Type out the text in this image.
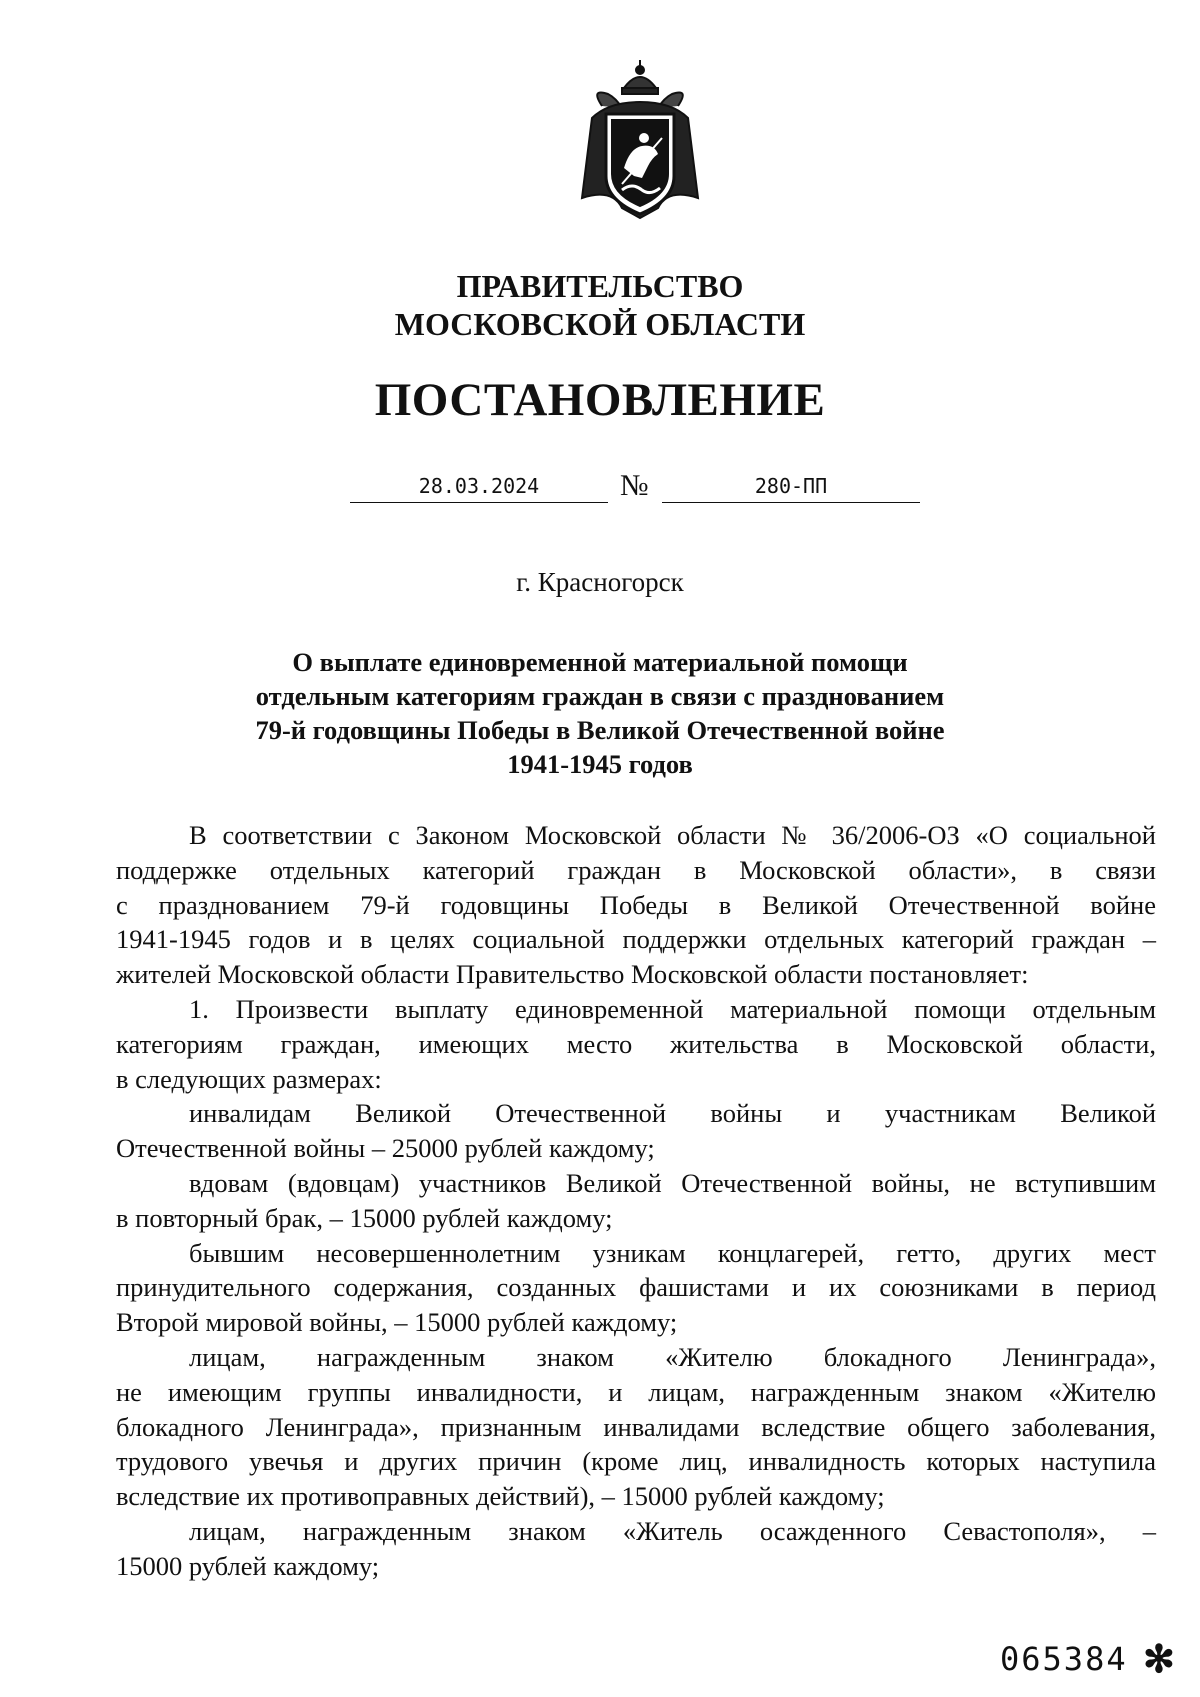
ПРАВИТЕЛЬСТВО
МОСКОВСКОЙ ОБЛАСТИ
ПОСТАНОВЛЕНИЕ
28.03.2024	№	280-ПП
г. Красногорск
О выплате единовременной материальной помощи
отдельным категориям граждан в связи с празднованием
79-й годовщины Победы в Великой Отечественной войне
1941-1945 годов
В соответствии с Законом Московской области № 36/2006-ОЗ «О социальной
поддержке отдельных категорий граждан в Московской области», в связи
с празднованием 79-й годовщины Победы в Великой Отечественной войне
1941-1945 годов и в целях социальной поддержки отдельных категорий граждан –
жителей Московской области Правительство Московской области постановляет:
1. Произвести выплату единовременной материальной помощи отдельным
категориям граждан, имеющих место жительства в Московской области,
в следующих размерах:
инвалидам Великой Отечественной войны и участникам Великой
Отечественной войны – 25000 рублей каждому;
вдовам (вдовцам) участников Великой Отечественной войны, не вступившим
в повторный брак, – 15000 рублей каждому;
бывшим несовершеннолетним узникам концлагерей, гетто, других мест
принудительного содержания, созданных фашистами и их союзниками в период
Второй мировой войны, – 15000 рублей каждому;
лицам, награжденным знаком «Жителю блокадного Ленинграда»,
не имеющим группы инвалидности, и лицам, награжденным знаком «Жителю
блокадного Ленинграда», признанным инвалидами вследствие общего заболевания,
трудового увечья и других причин (кроме лиц, инвалидность которых наступила
вследствие их противоправных действий), – 15000 рублей каждому;
лицам, награжденным знаком «Житель осажденного Севастополя», –
15000 рублей каждому;
065384 ✻
